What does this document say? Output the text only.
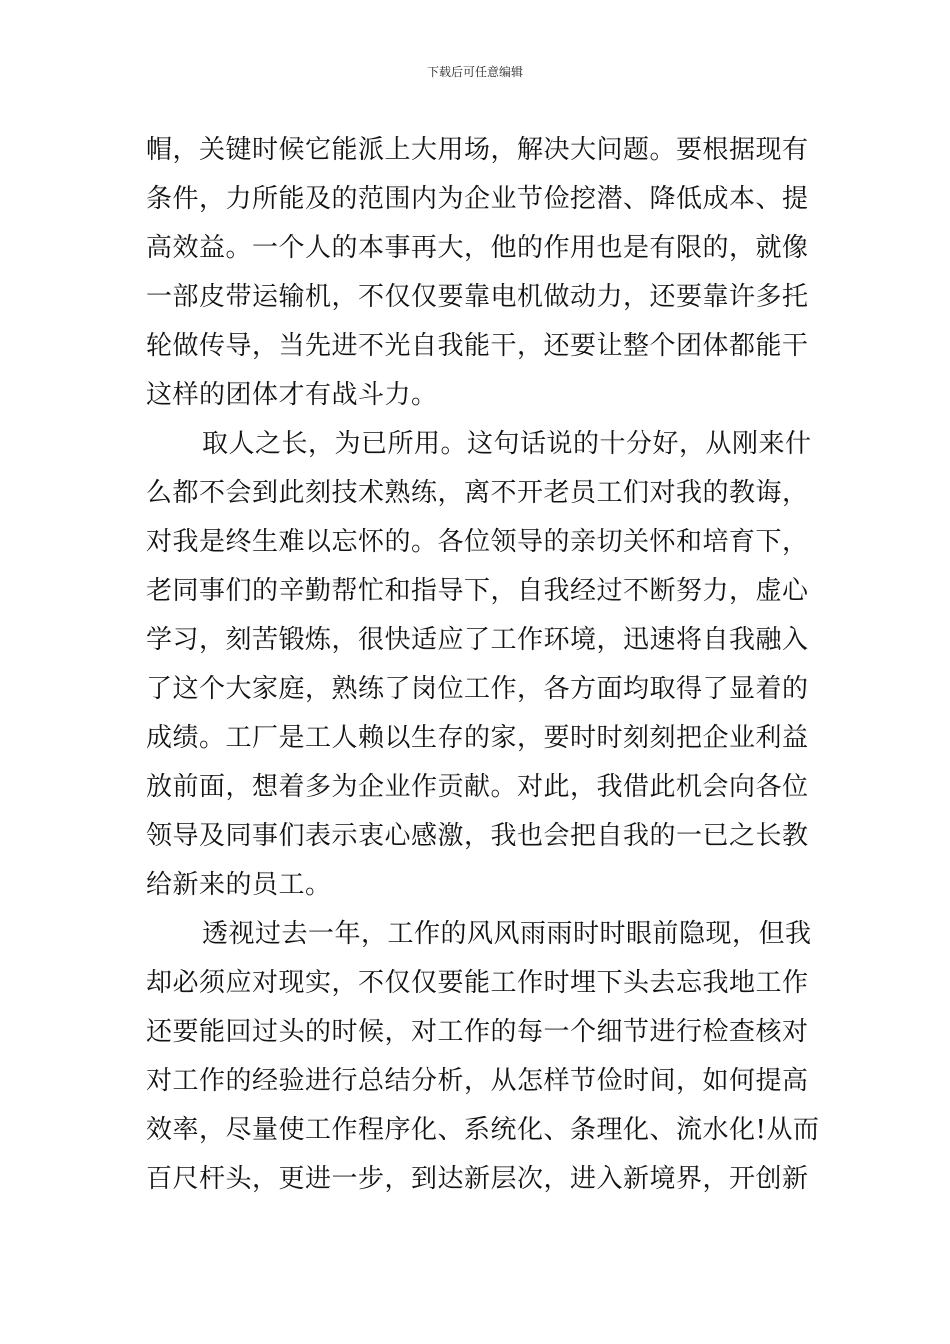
下载后可任意编辑
帽，关键时候它能派上大用场，解决大问题。要根据现有
条件，力所能及的范围内为企业节俭挖潜、降低成本、提
高效益。一个人的本事再大，他的作用也是有限的，就像
一部皮带运输机，不仅仅要靠电机做动力，还要靠许多托
轮做传导，当先进不光自我能干，还要让整个团体都能干
这样的团体才有战斗力。
取人之长，为已所用。这句话说的十分好，从刚来什
么都不会到此刻技术熟练，离不开老员工们对我的教诲，
对我是终生难以忘怀的。各位领导的亲切关怀和培育下，
老同事们的辛勤帮忙和指导下，自我经过不断努力，虚心
学习，刻苦锻炼，很快适应了工作环境，迅速将自我融入
了这个大家庭，熟练了岗位工作，各方面均取得了显着的
成绩。工厂是工人赖以生存的家，要时时刻刻把企业利益
放前面，想着多为企业作贡献。对此，我借此机会向各位
领导及同事们表示衷心感激，我也会把自我的一已之长教
给新来的员工。
透视过去一年，工作的风风雨雨时时眼前隐现，但我
却必须应对现实，不仅仅要能工作时埋下头去忘我地工作
还要能回过头的时候，对工作的每一个细节进行检查核对
对工作的经验进行总结分析，从怎样节俭时间，如何提高
效率，尽量使工作程序化、系统化、条理化、流水化!从而
百尺杆头，更进一步，到达新层次，进入新境界，开创新
